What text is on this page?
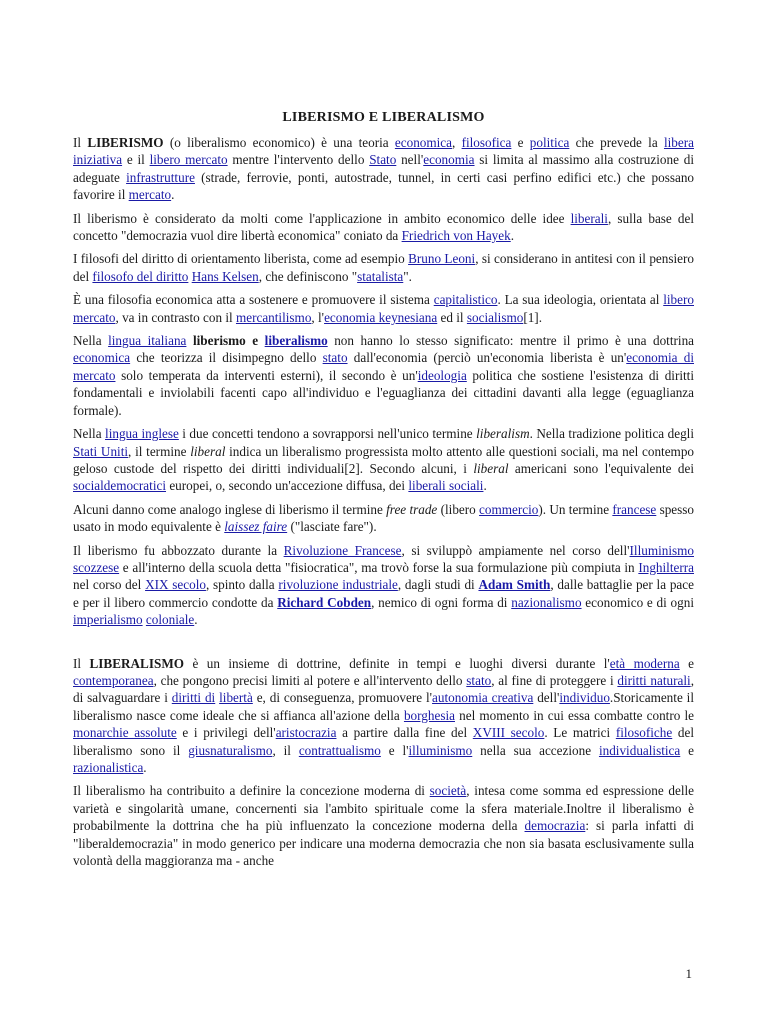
LIBERISMO E LIBERALISMO

Il LIBERISMO (o liberalismo economico) è una teoria economica, filosofica e politica che prevede la libera iniziativa e il libero mercato mentre l'intervento dello Stato nell'economia si limita al massimo alla costruzione di adeguate infrastrutture (strade, ferrovie, ponti, autostrade, tunnel, in certi casi perfino edifici etc.) che possano favorire il mercato.

Il liberismo è considerato da molti come l'applicazione in ambito economico delle idee liberali, sulla base del concetto "democrazia vuol dire libertà economica" coniato da Friedrich von Hayek.

I filosofi del diritto di orientamento liberista, come ad esempio Bruno Leoni, si considerano in antitesi con il pensiero del filosofo del diritto Hans Kelsen, che definiscono "statalista".

È una filosofia economica atta a sostenere e promuovere il sistema capitalistico. La sua ideologia, orientata al libero mercato, va in contrasto con il mercantilismo, l'economia keynesiana ed il socialismo[1].

Nella lingua italiana liberismo e liberalismo non hanno lo stesso significato: mentre il primo è una dottrina economica che teorizza il disimpegno dello stato dall'economia (perciò un'economia liberista è un'economia di mercato solo temperata da interventi esterni), il secondo è un'ideologia politica che sostiene l'esistenza di diritti fondamentali e inviolabili facenti capo all'individuo e l'eguaglianza dei cittadini davanti alla legge (eguaglianza formale).

Nella lingua inglese i due concetti tendono a sovrapporsi nell'unico termine liberalism. Nella tradizione politica degli Stati Uniti, il termine liberal indica un liberalismo progressista molto attento alle questioni sociali, ma nel contempo geloso custode del rispetto dei diritti individuali[2]. Secondo alcuni, i liberal americani sono l'equivalente dei socialdemocratici europei, o, secondo un'accezione diffusa, dei liberali sociali.

Alcuni danno come analogo inglese di liberismo il termine free trade (libero commercio). Un termine francese spesso usato in modo equivalente è laissez faire ("lasciate fare").

Il liberismo fu abbozzato durante la Rivoluzione Francese, si sviluppò ampiamente nel corso dell'Illuminismo scozzese e all'interno della scuola detta "fisiocratica", ma trovò forse la sua formulazione più compiuta in Inghilterra nel corso del XIX secolo, spinto dalla rivoluzione industriale, dagli studi di Adam Smith, dalle battaglie per la pace e per il libero commercio condotte da Richard Cobden, nemico di ogni forma di nazionalismo economico e di ogni imperialismo coloniale.

Il LIBERALISMO è un insieme di dottrine, definite in tempi e luoghi diversi durante l'età moderna e contemporanea, che pongono precisi limiti al potere e all'intervento dello stato, al fine di proteggere i diritti naturali, di salvaguardare i diritti di libertà e, di conseguenza, promuovere l'autonomia creativa dell'individuo.Storicamente il liberalismo nasce come ideale che si affianca all'azione della borghesia nel momento in cui essa combatte contro le monarchie assolute e i privilegi dell'aristocrazia a partire dalla fine del XVIII secolo. Le matrici filosofiche del liberalismo sono il giusnaturalismo, il contrattualismo e l'illuminismo nella sua accezione individualistica e razionalistica.

Il liberalismo ha contribuito a definire la concezione moderna di società, intesa come somma ed espressione delle varietà e singolarità umane, concernenti sia l'ambito spirituale come la sfera materiale.Inoltre il liberalismo è probabilmente la dottrina che ha più influenzato la concezione moderna della democrazia: si parla infatti di "liberaldemocrazia" in modo generico per indicare una moderna democrazia che non sia basata esclusivamente sulla volontà della maggioranza ma - anche

1
